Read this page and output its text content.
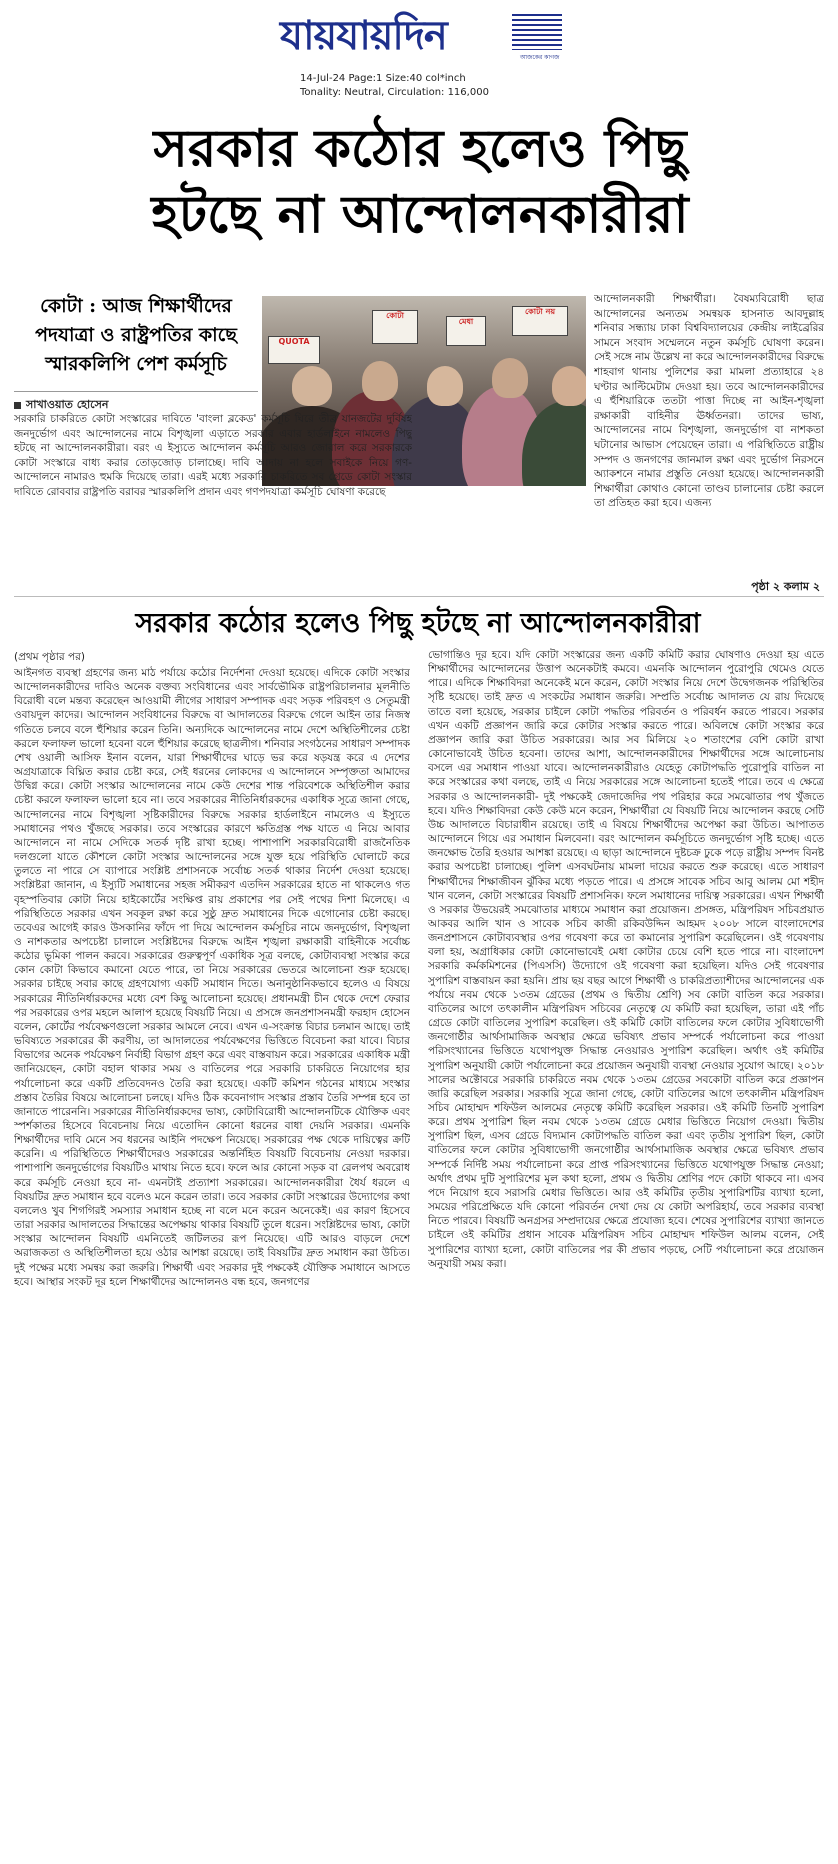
যায়যায়দিন	আজকের কাগজ
14-Jul-24 Page:1 Size:40 col*inch
Tonality: Neutral, Circulation: 116,000
সরকার কঠোর হলেও পিছু
হটছে না আন্দোলনকারীরা
কোটা : আজ শিক্ষার্থীদের পদযাত্রা ও রাষ্ট্রপতির কাছে স্মারকলিপি পেশ কর্মসূচি
সাখাওয়াত হোসেন
QUOTA
কোটা
মেধা
কোটা নয়
সরকারি চাকরিতে কোটা সংস্কারের দাবিতে 'বাংলা ব্লকেড' কর্মসূচি ঘিরে তীব্র যানজটের দুর্বিষহ জনদুর্ভোগ এবং আন্দোলনের নামে বিশৃঙ্খলা এড়াতে সরকার এবার হার্ডলাইনে নামলেও পিছু হটছে না আন্দোলনকারীরা। বরং এ ইস্যুতে আন্দোলন কর্মসূচি আরও জোরাল করে সরকারকে কোটা সংস্কারে বাধ্য করার তোড়জোড় চালাচ্ছে। দাবি আদায় না হলে সবাইকে নিয়ে গণ-আন্দোলনে নামারও হুমকি দিয়েছে তারা। এরই মধ্যে সরকারি চাকরিতে সব গ্রেডে কোটা সংস্কার দাবিতে রোববার রাষ্ট্রপতি বরাবর স্মারকলিপি প্রদান এবং গণপদযাত্রা কর্মসূচি ঘোষণা করেছে
আন্দোলনকারী শিক্ষার্থীরা। বৈষম্যবিরোধী ছাত্র আন্দোলনের অন্যতম সমন্বয়ক হাসনাত আবদুল্লাহ শনিবার সন্ধ্যায় ঢাকা বিশ্ববিদ্যালয়ের কেন্দ্রীয় লাইব্রেরির সামনে সংবাদ সম্মেলনে নতুন কর্মসূচি ঘোষণা করেন। সেই সঙ্গে নাম উল্লেখ না করে আন্দোলনকারীদের বিরুদ্ধে শাহবাগ থানায় পুলিশের করা মামলা প্রত্যাহারে ২৪ ঘণ্টার আল্টিমেটাম দেওয়া হয়। তবে আন্দোলনকারীদের এ হুঁশিয়ারিকে ততটা পাত্তা দিচ্ছে না আইন-শৃঙ্খলা রক্ষাকারী বাহিনীর ঊর্ধ্বতনরা। তাদের ভাষ্য, আন্দোলনের নামে বিশৃঙ্খলা, জনদুর্ভোগ বা নাশকতা ঘটানোর আভাস পেয়েছেন তারা। এ পরিস্থিতিতে রাষ্ট্রীয় সম্পদ ও জনগণের জানমাল রক্ষা এবং দুর্ভোগ নিরসনে অ্যাকশনে নামার প্রস্তুতি নেওয়া হয়েছে। আন্দোলনকারী শিক্ষার্থীরা কোথাও কোনো তাণ্ডব চালানোর চেষ্টা করলে তা প্রতিহত করা হবে। এজন্য
পৃষ্ঠা ২ কলাম ২
সরকার কঠোর হলেও পিছু হটছে না আন্দোলনকারীরা
(প্রথম পৃষ্ঠার পর)
আইনগত ব্যবস্থা গ্রহণের জন্য মাঠ পর্যায়ে কঠোর নির্দেশনা দেওয়া হয়েছে। এদিকে কোটা সংস্কার আন্দোলনকারীদের দাবিও অনেক বক্তব্য সংবিধানের এবং সার্বভৌমিক রাষ্ট্রপরিচালনার মূলনীতি বিরোধী বলে মন্তব্য করেছেন আওয়ামী লীগের সাধারণ সম্পাদক এবং সড়ক পরিবহণ ও সেতুমন্ত্রী ওবায়দুল কাদের। আন্দোলন সংবিধানের বিরুদ্ধে বা আদালতের বিরুদ্ধে গেলে আইন তার নিজস্ব গতিতে চলবে বলে হুঁশিয়ার করেন তিনি। অন্যদিকে আন্দোলনের নামে দেশে অস্থিতিশীলের চেষ্টা করলে ফলাফল ভালো হবেনা বলে হুঁশিয়ার করেছে ছাত্রলীগ। শনিবার সংগঠনের সাধারণ সম্পাদক শেখ ওয়ালী আসিফ ইনান বলেন, যারা শিক্ষার্থীদের ঘাড়ে ভর করে ষড়যন্ত্র করে এ দেশের অগ্রযাত্রাকে বিঘ্নিত করার চেষ্টা করে, সেই ধরনের লোকদের এ আন্দোলনে সম্পৃক্ততা আমাদের উদ্বিগ্ন করে। কোটা সংস্কার আন্দোলনের নামে কেউ দেশের শান্ত পরিবেশকে অস্থিতিশীল করার চেষ্টা করলে ফলাফল ভালো হবে না। তবে সরকারের নীতিনির্ধারকদের একাধিক সূত্রে জানা গেছে, আন্দোলনের নামে বিশৃঙ্খলা সৃষ্টিকারীদের বিরুদ্ধে সরকার হার্ডলাইনে নামলেও এ ইস্যুতে সমাধানের পথও খুঁজছে সরকার। তবে সংস্কারের কারণে ক্ষতিগ্রস্ত পক্ষ যাতে এ নিয়ে আবার আন্দোলনে না নামে সেদিকে সতর্ক দৃষ্টি রাখা হচ্ছে। পাশাপাশি সরকারবিরোধী রাজনৈতিক দলগুলো যাতে কৌশলে কোটা সংস্কার আন্দোলনের সঙ্গে যুক্ত হয়ে পরিস্থিতি ঘোলাটে করে তুলতে না পারে সে ব্যাপারে সংশ্লিষ্ট প্রশাসনকে সর্বোচ্চ সতর্ক থাকার নির্দেশ দেওয়া হয়েছে। সংশ্লিষ্টরা জানান, এ ইস্যুটি সমাধানের সহজ সমীকরণ এতদিন সরকারের হাতে না থাকলেও গত বৃহস্পতিবার কোটা নিয়ে হাইকোর্টের সংক্ষিপ্ত রায় প্রকাশের পর সেই পথের দিশা মিলেছে। এ পরিস্থিতিতে সরকার এখন সবকূল রক্ষা করে সুষ্ঠু দ্রুত সমাধানের দিকে এগোনোর চেষ্টা করছে। তবেএর আগেই কারও উসকানির ফাঁদে পা দিয়ে আন্দোলন কর্মসূচির নামে জনদুর্ভোগ, বিশৃঙ্খলা ও নাশকতার অপচেষ্টা চালালে সংশ্লিষ্টদের বিরুদ্ধে আইন শৃঙ্খলা রক্ষাকারী বাহিনীকে সর্বোচ্চ কঠোর ভূমিকা পালন করবে। সরকারের গুরুত্বপূর্ণ একাধিক সূত্র বলছে, কোটাব্যবস্থা সংস্কার করে কোন কোটা কিভাবে কমানো যেতে পারে, তা নিয়ে সরকারের ভেতরে আলোচনা শুরু হয়েছে। সরকার চাইছে সবার কাছে গ্রহণযোগ্য একটি সমাধান দিতে। অনানুষ্ঠানিকভাবে হলেও এ বিষয়ে সরকারের নীতিনির্ধারকদের মধ্যে বেশ কিছু আলোচনা হয়েছে। প্রধানমন্ত্রী চীন থেকে দেশে ফেরার পর সরকারের ওপর মহলে আলাপ হয়েছে বিষয়টি নিয়ে। এ প্রসঙ্গে জনপ্রশাসনমন্ত্রী ফরহাদ হোসেন বলেন, কোর্টের পর্যবেক্ষণগুলো সরকার আমলে নেবে। এখন এ-সংক্রান্ত বিচার চলমান আছে। তাই ভবিষ্যতে সরকারের কী করণীয়, তা আদালতের পর্যবেক্ষণের ভিত্তিতে বিবেচনা করা যাবে। বিচার বিভাগের অনেক পর্যবেক্ষণ নির্বাহী বিভাগ গ্রহণ করে এবং বাস্তবায়ন করে। সরকারের একাধিক মন্ত্রী জানিয়েছেন, কোটা বহাল থাকার সময় ও বাতিলের পরে সরকারি চাকরিতে নিয়োগের হার পর্যালোচনা করে একটি প্রতিবেদনও তৈরি করা হয়েছে। একটি কমিশন গঠনের মাধ্যমে সংস্কার প্রস্তাব তৈরির বিষয়ে আলোচনা চলছে। যদিও ঠিক কবেনাগাদ সংস্কার প্রস্তাব তৈরি সম্পন্ন হবে তা জানাতে পারেননি। সরকারের নীতিনির্ধারকদের ভাষ্য, কোটাবিরোধী আন্দোলনটিকে যৌক্তিক এবং স্পর্শকাতর হিসেবে বিবেচনায় নিয়ে এতোদিন কোনো ধরনের বাধা দেয়নি সরকার। এমনকি শিক্ষার্থীদের দাবি মেনে সব ধরনের আইনি পদক্ষেপ নিয়েছে। সরকারের পক্ষ থেকে দায়িত্বের ক্রটি করেনি। এ পরিস্থিতিতে শিক্ষার্থীদেরও সরকারের অন্তর্নিহিত বিষয়টি বিবেচনায় নেওয়া দরকার। পাশাপাশি জনদুর্ভোগের বিষয়টিও মাথায় নিতে হবে। ফলে আর কোনো সড়ক বা রেলপথ অবরোধ করে কর্মসূচি নেওয়া হবে না- এমনটাই প্রত্যাশা সরকারের। আন্দোলনকারীরা ধৈর্য ধরলে এ বিষয়টির দ্রুত সমাধান হবে বলেও মনে করেন তারা। তবে সরকার কোটা সংস্কারের উদ্যোগের কথা বললেও খুব শিগগিরই সমস্যার সমাধান হচ্ছে না বলে মনে করেন অনেকেই। এর কারণ হিসেবে তারা সরকার আদালতের সিদ্ধান্তের অপেক্ষায় থাকার বিষয়টি তুলে ধরেন। সংশ্লিষ্টদের ভাষ্য, কোটা সংস্কার আন্দোলন বিষয়টি এমনিতেই জটিলতর রূপ নিয়েছে। এটি আরও বাড়লে দেশে অরাজকতা ও অস্থিতিশীলতা হয়ে ওঠার আশঙ্কা রয়েছে। তাই বিষয়টির দ্রুত সমাধান করা উচিত। দুই পক্ষের মধ্যে সমন্বয় করা জরুরি। শিক্ষার্থী এবং সরকার দুই পক্ষকেই যৌক্তিক সমাধানে আসতে হবে। আস্থার সংকট দূর হলে শিক্ষার্থীদের আন্দোলনও বন্ধ হবে, জনগণের
ভোগান্তিও দূর হবে। যদি কোটা সংস্কারের জন্য একটি কমিটি করার ঘোষণাও দেওয়া হয় এতে শিক্ষার্থীদের আন্দোলনের উত্তাপ অনেকটাই কমবে। এমনকি আন্দোলন পুরোপুরি থেমেও যেতে পারে। এদিকে শিক্ষাবিদরা অনেকেই মনে করেন, কোটা সংস্কার নিয়ে দেশে উদ্বেগজনক পরিস্থিতির সৃষ্টি হয়েছে। তাই দ্রুত এ সংকটের সমাধান জরুরি। সম্প্রতি সর্বোচ্চ আদালত যে রায় দিয়েছে তাতে বলা হয়েছে, সরকার চাইলে কোটা পদ্ধতির পরিবর্তন ও পরিবর্ধন করতে পারবে। সরকার এখন একটি প্রজ্ঞাপন জারি করে কোটার সংস্কার করতে পারে। অবিলম্বে কোটা সংস্কার করে প্রজ্ঞাপন জারি করা উচিত সরকারের। আর সব মিলিয়ে ২০ শতাংশের বেশি কোটা রাখা কোনোভাবেই উচিত হবেনা। তাদের আশা, আন্দোলনকারীদের শিক্ষার্থীদের সঙ্গে আলোচনায় বসলে এর সমাধান পাওয়া যাবে। আন্দোলনকারীরাও যেহেতু কোটাপদ্ধতি পুরোপুরি বাতিল না করে সংস্কারের কথা বলছে, তাই এ নিয়ে সরকারের সঙ্গে আলোচনা হতেই পারে। তবে এ ক্ষেত্রে সরকার ও আন্দোলনকারী- দুই পক্ষকেই জেদাজেদির পথ পরিহার করে সমঝোতার পথ খুঁজতে হবে। যদিও শিক্ষাবিদরা কেউ কেউ মনে করেন, শিক্ষার্থীরা যে বিষয়টি নিয়ে আন্দোলন করছে সেটি উচ্চ আদালতে বিচারাধীন রয়েছে। তাই এ বিষয়ে শিক্ষার্থীদের অপেক্ষা করা উচিত। আপাতত আন্দোলনে গিয়ে এর সমাধান মিলবেনা। বরং আন্দোলন কর্মসূচিতে জনদুর্ভোগ সৃষ্টি হচ্ছে। এতে জনক্ষোভ তৈরি হওয়ার আশঙ্কা রয়েছে। এ ছাড়া আন্দোলনে দুষ্টচক্র ঢুকে পড়ে রাষ্ট্রীয় সম্পদ বিনষ্ট করার অপচেষ্টা চালাচ্ছে। পুলিশ এসবঘটনায় মামলা দায়ের করতে শুরু করেছে। এতে সাধারণ শিক্ষার্থীদের শিক্ষাজীবন ঝুঁকির মধ্যে পড়তে পারে। এ প্রসঙ্গে সাবেক সচিব আবু আলম মো শহীদ খান বলেন, কোটা সংস্কারের বিষয়টি প্রশাসনিক। ফলে সমাধানের দায়িত্ব সরকারের। এখন শিক্ষার্থী ও সরকার উভয়েরই সমঝোতার মাধ্যমে সমাধান করা প্রয়োজন। প্রসঙ্গত, মন্ত্রিপরিষদ সচিবপ্রয়াত আকবর আলি খান ও সাবেক সচিব কাজী রকিবউদ্দিন আহমদ ২০০৮ সালে বাংলাদেশের জনপ্রশাসনে কোটাব্যবস্থার ওপর গবেষণা করে তা কমানোর সুপারিশ করেছিলেন। ওই গবেষণায় বলা হয়, অগ্রাধিকার কোটা কোনোভাবেই মেধা কোটার চেয়ে বেশি হতে পারে না। বাংলাদেশ সরকারি কর্মকমিশনের (পিএসসি) উদ্যোগে ওই গবেষণা করা হয়েছিল। যদিও সেই গবেষণার সুপারিশ বাস্তবায়ন করা হয়নি। প্রায় ছয় বছর আগে শিক্ষার্থী ও চাকরিপ্রত্যাশীদের আন্দোলনের এক পর্যায়ে নবম থেকে ১৩তম গ্রেডের (প্রথম ও দ্বিতীয় শ্রেণি) সব কোটা বাতিল করে সরকার। বাতিলের আগে তৎকালীন মন্ত্রিপরিষদ সচিবের নেতৃত্বে যে কমিটি করা হয়েছিল, তারা এই পাঁচ গ্রেডে কোটা বাতিলের সুপারিশ করেছিল। ওই কমিটি কোটা বাতিলের ফলে কোটার সুবিধাভোগী জনগোষ্ঠীর আর্থসামাজিক অবস্থার ক্ষেত্রে ভবিষ্যৎ প্রভাব সম্পর্কে পর্যালোচনা করে পাওয়া পরিসংখ্যানের ভিত্তিতে যথোপযুক্ত সিদ্ধান্ত নেওয়ারও সুপারিশ করেছিল। অর্থাৎ ওই কমিটির সুপারিশ অনুযায়ী কোটা পর্যালোচনা করে প্রয়োজন অনুযায়ী ব্যবস্থা নেওয়ার সুযোগ আছে। ২০১৮ সালের অক্টোবরে সরকারি চাকরিতে নবম থেকে ১৩তম গ্রেডের সবকোটা বাতিল করে প্রজ্ঞাপন জারি করেছিল সরকার। সরকারি সূত্রে জানা গেছে, কোটা বাতিলের আগে তৎকালীন মন্ত্রিপরিষদ সচিব মোহাম্মদ শফিউল আলমের নেতৃত্বে কমিটি করেছিল সরকার। ওই কমিটি তিনটি সুপারিশ করে। প্রথম সুপারিশ ছিল নবম থেকে ১৩তম গ্রেডে মেধার ভিত্তিতে নিয়োগ দেওয়া। দ্বিতীয় সুপারিশ ছিল, এসব গ্রেডে বিদ্যমান কোটাপদ্ধতি বাতিল করা এবং তৃতীয় সুপারিশ ছিল, কোটা বাতিলের ফলে কোটার সুবিধাভোগী জনগোষ্ঠীর আর্থসামাজিক অবস্থার ক্ষেত্রে ভবিষ্যৎ প্রভাব সম্পর্কে নির্দিষ্ট সময় পর্যালোচনা করে প্রাপ্ত পরিসংখ্যানের ভিত্তিতে যথোপযুক্ত সিদ্ধান্ত নেওয়া; অর্থাৎ প্রথম দুটি সুপারিশের মূল কথা হলো, প্রথম ও দ্বিতীয় শ্রেণির পদে কোটা থাকবে না। এসব পদে নিয়োগ হবে সরাসরি মেধার ভিত্তিতে। আর ওই কমিটির তৃতীয় সুপারিশটির ব্যাখ্যা হলো, সময়ের পরিপ্রেক্ষিতে যদি কোনো পরিবর্তন দেখা দেয় যে কোটা অপরিহার্য, তবে সরকার ব্যবস্থা নিতে পারবে। বিষয়টি অনগ্রসর সম্প্রদায়ের ক্ষেত্রে প্রযোজ্য হবে। শেষের সুপারিশের ব্যাখ্যা জানতে চাইলে ওই কমিটির প্রধান সাবেক মন্ত্রিপরিষদ সচিব মোহাম্মদ শফিউল আলম বলেন, সেই সুপারিশের ব্যাখ্যা হলো, কোটা বাতিলের পর কী প্রভাব পড়ছে, সেটি পর্যালোচনা করে প্রয়োজন অনুযায়ী সময় করা।
